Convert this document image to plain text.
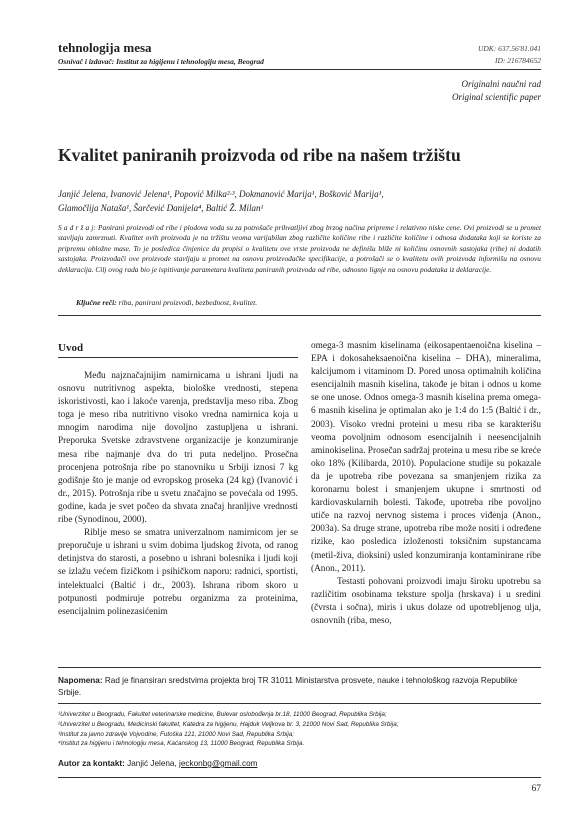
tehnologija mesa
Osnivač i izdavač: Institut za higijenu i tehnologiju mesa, Beograd
UDK: 637.56'81.041
ID: 216784652
Originalni naučni rad
Original scientific paper
Kvalitet paniranih proizvoda od ribe na našem tržištu
Janjić Jelena, Ivanović Jelena¹, Popović Milka²·³, Dokmanović Marija¹, Bošković Marija¹,
Glamočlija Nataša¹, Šarčević Danijela⁴, Baltić Ž. Milan¹
S a d r ž a j: Panirani proizvodi od ribe i plodova voda su za potrošače prihvatljivi zbog brzog načina pripreme i relativno niske cene. Ovi proizvodi se u promet stavljaju zamrznuti. Kvalitet ovih proizvoda je na tržištu veoma varijabilan zbog različite količine ribe i različite količine i odnosa dodataka koji se koriste za pripremu obložne mase. To je posledica činjenice da propisi o kvalitetu ove vrste proizvoda ne definišu bliže ni količinu osnovnih sastojaka (ribe) ni dodatih sastojaka. Proizvođači ove proizvode stavljaju u promet na osnovu proizvođačke specifikacije, a potrošači se o kvalitetu ovih proizvoda informišu na osnovu deklaracija. Cilj ovog rada bio je ispitivanje parametara kvaliteta paniranih proizvoda od ribe, odnosno lignje na osnovu podataka iz deklaracije.
Ključne reči: riba, panirani proizvodi, bezbednost, kvalitet.
Uvod

Među najznačajnijim namirnicama u ishrani ljudi na osnovu nutritivnog aspekta, biološke vrednosti, stepena iskoristivosti, kao i lakoće varenja, predstavlja meso riba. Zbog toga je meso riba nutritivno visoko vredna namirnica koja u mnogim narodima nije dovoljno zastupljena u ishrani. Preporuka Svetske zdravstvene organizacije je konzumiranje mesa ribe najmanje dva do tri puta nedeljno. Prosečna procenjena potrošnja ribe po stanovniku u Srbiji iznosi 7 kg godišnje što je manje od evropskog proseka (24 kg) (Ivanović i dr., 2015). Potrošnja ribe u svetu značajno se povećala od 1995. godine, kada je svet počeo da shvata značaj hranljive vrednosti ribe (Synodinou, 2000).

Riblje meso se smatra univerzalnom namirnicom jer se preporučuje u ishrani u svim dobima ljudskog života, od ranog detinjstva do starosti, a posebno u ishrani bolesnika i ljudi koji se izlažu većem fizičkom i psihičkom naporu: radnici, sportisti, intelektualci (Baltić i dr., 2003). Ishrana ribom skoro u potpunosti podmiruje potrebu organizma za proteinima, esencijalnim polinezasićenim

omega-3 masnim kiselinama (eikosapentaenoična kiselina – EPA i dokosaheksaenoična kiselina – DHA), mineralima, kalcijumom i vitaminom D. Pored unosa optimalnih količina esencijalnih masnih kiselina, takođe je bitan i odnos u kome se one unose. Odnos omega-3 masnih kiselina prema omega-6 masnih kiselina je optimalan ako je 1:4 do 1:5 (Baltić i dr., 2003). Visoko vredni proteini u mesu riba se karakterišu veoma povoljnim odnosom esencijalnih i neesencijalnih aminokiselina. Prosečan sadržaj proteina u mesu ribe se kreće oko 18% (Kilibarda, 2010). Populacione studije su pokazale da je upotreba ribe povezana sa smanjenjem rizika za koronarnu bolest i smanjenjem ukupne i smrtnosti od kardiovaskularnih bolesti. Takođe, upotreba ribe povoljno utiče na razvoj nervnog sistema i proces viđenja (Anon., 2003a). Sa druge strane, upotreba ribe može nositi i određene rizike, kao posledica izloženosti toksičnim supstancama (metil-živa, dioksini) usled konzumiranja kontaminirane ribe (Anon., 2011).

Testasti pohovani proizvodi imaju široku upotrebu sa različitim osobinama teksture spolja (hrskava) i u sredini (čvrsta i sočna), miris i ukus dolaze od upotrebljenog ulja, osnovnih (riba, meso,

Napomena: Rad je finansiran sredstvima projekta broj TR 31011 Ministarstva prosvete, nauke i tehnološkog razvoja Republike Srbije.
¹Univerzitet u Beogradu, Fakultet veterinarske medicine, Bulevar oslobođenja br.18, 11000 Beograd, Republika Srbija;
²Univerzitet u Beogradu, Medicinski fakultet, Katedra za higijenu, Hajduk Veljkova br. 3, 21000 Novi Sad, Republika Srbija;
³Institut za javno zdravlje Vojvodine, Futoška 121, 21000 Novi Sad, Republika Srbija;
⁴Institut za higijenu i tehnologiju mesa, Kaćanskog 13, 11000 Beograd, Republika Srbija.
Autor za kontakt: Janjić Jelena, jeckonbg@gmail.com
67
